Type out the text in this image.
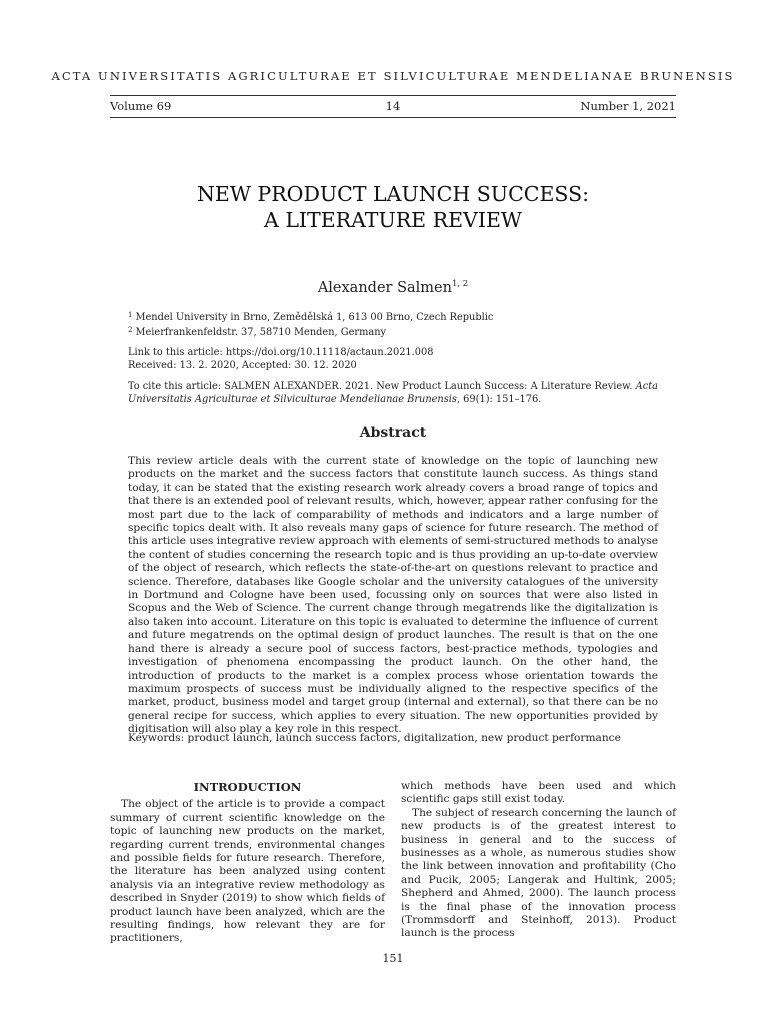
ACTA UNIVERSITATIS AGRICULTURAE ET SILVICULTURAE MENDELIANAE BRUNENSIS
Volume 69	14	Number 1, 2021
NEW PRODUCT LAUNCH SUCCESS:
A LITERATURE REVIEW
Alexander Salmen$^{1, 2}$
$^1$ Mendel University in Brno, Zemědělská 1, 613 00 Brno, Czech Republic
$^2$ Meierfrankenfeldstr. 37, 58710 Menden, Germany
Link to this article: https://doi.org/10.11118/actaun.2021.008
Received: 13. 2. 2020, Accepted: 30. 12. 2020
To cite this article: SALMEN ALEXANDER. 2021. New Product Launch Success: A Literature Review. Acta Universitatis Agriculturae et Silviculturae Mendelianae Brunensis, 69(1): 151–176.
Abstract
This review article deals with the current state of knowledge on the topic of launching new products on the market and the success factors that constitute launch success. As things stand today, it can be stated that the existing research work already covers a broad range of topics and that there is an extended pool of relevant results, which, however, appear rather confusing for the most part due to the lack of comparability of methods and indicators and a large number of specific topics dealt with. It also reveals many gaps of science for future research. The method of this article uses integrative review approach with elements of semi-structured methods to analyse the content of studies concerning the research topic and is thus providing an up-to-date overview of the object of research, which reflects the state-of-the-art on questions relevant to practice and science. Therefore, databases like Google scholar and the university catalogues of the university in Dortmund and Cologne have been used, focussing only on sources that were also listed in Scopus and the Web of Science. The current change through megatrends like the digitalization is also taken into account. Literature on this topic is evaluated to determine the influence of current and future megatrends on the optimal design of product launches. The result is that on the one hand there is already a secure pool of success factors, best-practice methods, typologies and investigation of phenomena encompassing the product launch. On the other hand, the introduction of products to the market is a complex process whose orientation towards the maximum prospects of success must be individually aligned to the respective specifics of the market, product, business model and target group (internal and external), so that there can be no general recipe for success, which applies to every situation. The new opportunities provided by digitisation will also play a key role in this respect.
Keywords: product launch, launch success factors, digitalization, new product performance
INTRODUCTION

The object of the article is to provide a compact summary of current scientific knowledge on the topic of launching new products on the market, regarding current trends, environmental changes and possible fields for future research. Therefore, the literature has been analyzed using content analysis via an integrative review methodology as described in Snyder (2019) to show which fields of product launch have been analyzed, which are the resulting findings, how relevant they are for practitioners,

which methods have been used and which scientific gaps still exist today.

The subject of research concerning the launch of new products is of the greatest interest to business in general and to the success of businesses as a whole, as numerous studies show the link between innovation and profitability (Cho and Pucik, 2005; Langerak and Hultink, 2005; Shepherd and Ahmed, 2000). The launch process is the final phase of the innovation process (Trommsdorff and Steinhoff, 2013). Product launch is the process

151
